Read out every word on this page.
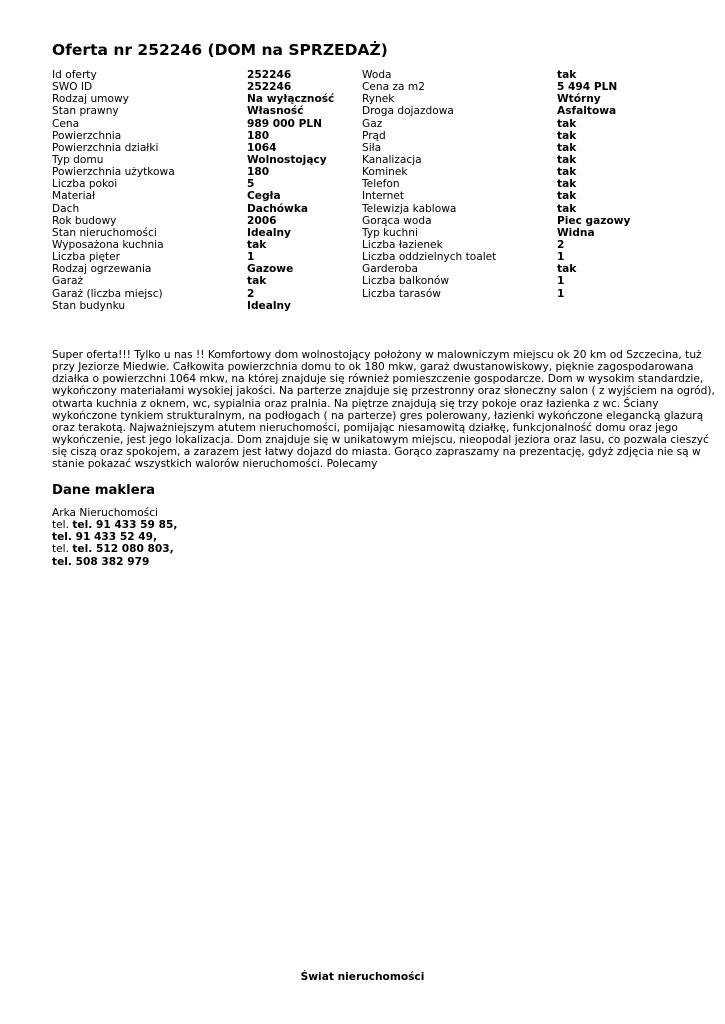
Oferta nr 252246 (DOM na SPRZEDAŻ)
Id oferty	252246
SWO ID	252246
Rodzaj umowy	Na wyłączność
Stan prawny	Własność
Cena	989 000 PLN
Powierzchnia	180
Powierzchnia działki	1064
Typ domu	Wolnostojący
Powierzchnia użytkowa	180
Liczba pokoi	5
Materiał	Cegła
Dach	Dachówka
Rok budowy	2006
Stan nieruchomości	Idealny
Wyposażona kuchnia	tak
Liczba pięter	1
Rodzaj ogrzewania	Gazowe
Garaż	tak
Garaż (liczba miejsc)	2
Stan budynku	Idealny
Woda	tak
Cena za m2	5 494 PLN
Rynek	Wtórny
Droga dojazdowa	Asfaltowa
Gaz	tak
Prąd	tak
Siła	tak
Kanalizacja	tak
Kominek	tak
Telefon	tak
Internet	tak
Telewizja kablowa	tak
Gorąca woda	Piec gazowy
Typ kuchni	Widna
Liczba łazienek	2
Liczba oddzielnych toalet	1
Garderoba	tak
Liczba balkonów	1
Liczba tarasów	1
Super oferta!!! Tylko u nas !! Komfortowy dom wolnostojący położony w malowniczym miejscu ok 20 km od Szczecina, tuż
przy Jeziorze Miedwie. Całkowita powierzchnia domu to ok 180 mkw, garaż dwustanowiskowy, pięknie zagospodarowana
działka o powierzchni 1064 mkw, na której znajduje się również pomieszczenie gospodarcze. Dom w wysokim standardzie,
wykończony materiałami wysokiej jakości. Na parterze znajduje się przestronny oraz słoneczny salon ( z wyjściem na ogród),
otwarta kuchnia z oknem, wc, sypialnia oraz pralnia. Na piętrze znajdują się trzy pokoje oraz łazienka z wc. Ściany
wykończone tynkiem strukturalnym, na podłogach ( na parterze) gres polerowany, łazienki wykończone elegancką glazurą
oraz terakotą. Najważniejszym atutem nieruchomości, pomijając niesamowitą działkę, funkcjonalność domu oraz jego
wykończenie, jest jego lokalizacja. Dom znajduje się w unikatowym miejscu, nieopodal jeziora oraz lasu, co pozwala cieszyć
się ciszą oraz spokojem, a zarazem jest łatwy dojazd do miasta. Gorąco zapraszamy na prezentację, gdyż zdjęcia nie są w
stanie pokazać wszystkich walorów nieruchomości. Polecamy
Dane maklera
Arka Nieruchomości
tel. tel. 91 433 59 85,
tel. 91 433 52 49,
tel. tel. 512 080 803,
tel. 508 382 979
Świat nieruchomości
